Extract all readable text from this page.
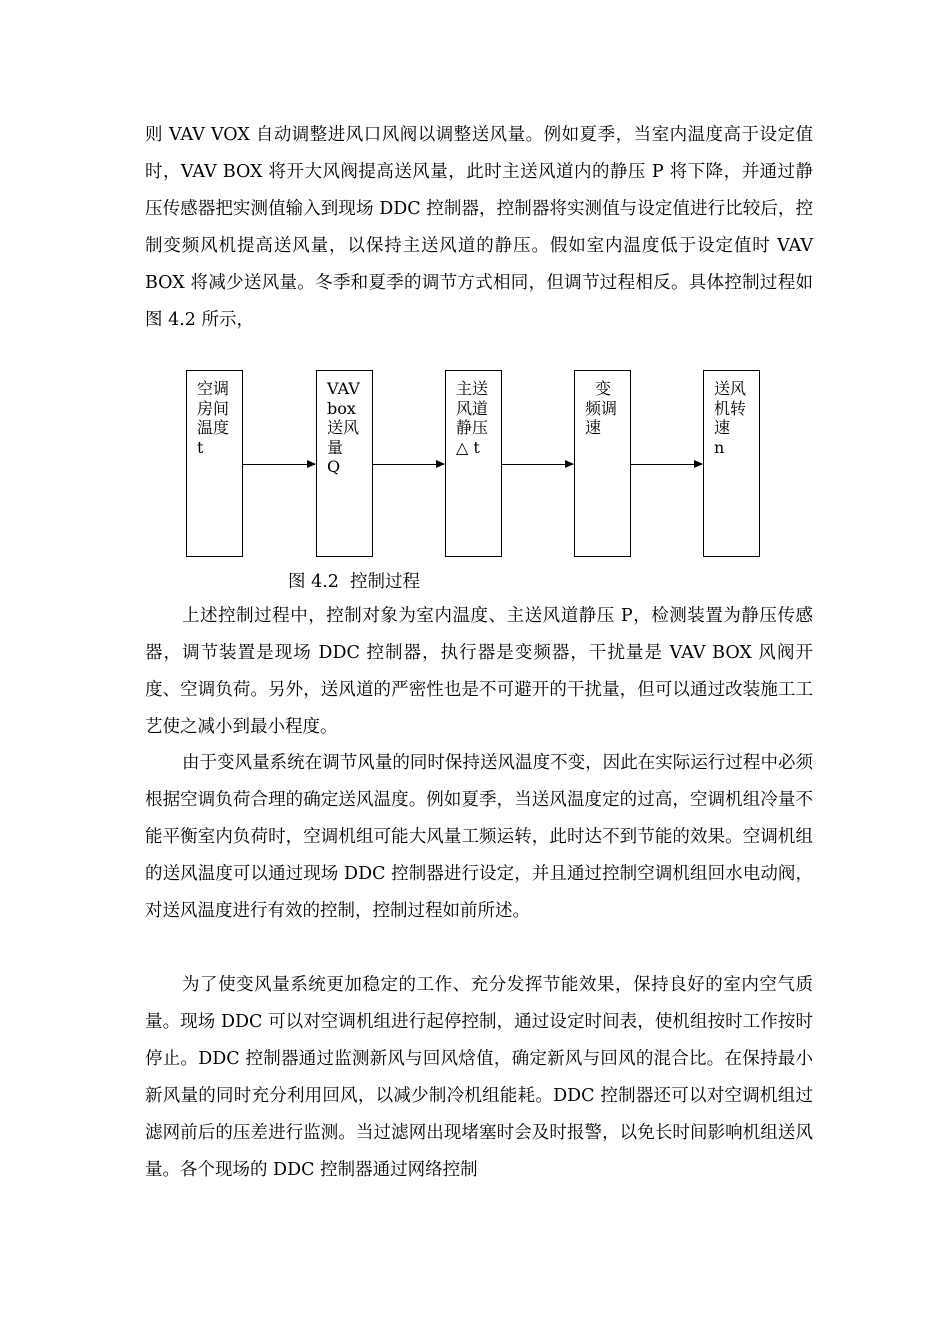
则 VAV VOX 自动调整进风口风阀以调整送风量。例如夏季，当室内温度高于设定值时，VAV BOX 将开大风阀提高送风量，此时主送风道内的静压 P 将下降，并通过静压传感器把实测值输入到现场 DDC 控制器，控制器将实测值与设定值进行比较后，控制变频风机提高送风量，以保持主送风道的静压。假如室内温度低于设定值时 VAV BOX 将减少送风量。冬季和夏季的调节方式相同，但调节过程相反。具体控制过程如图 4.2 所示，

空调
房间
温度
t
VAV
box
送风
量
Q
主送
风道
静压
△ t
变
频调
速
送风
机转
速
n
图 4.2  控制过程

上述控制过程中，控制对象为室内温度、主送风道静压 P，检测装置为静压传感器，调节装置是现场 DDC 控制器，执行器是变频器，干扰量是 VAV BOX 风阀开度、空调负荷。另外，送风道的严密性也是不可避开的干扰量，但可以通过改装施工工艺使之减小到最小程度。

由于变风量系统在调节风量的同时保持送风温度不变，因此在实际运行过程中必须根据空调负荷合理的确定送风温度。例如夏季，当送风温度定的过高，空调机组冷量不能平衡室内负荷时，空调机组可能大风量工频运转，此时达不到节能的效果。空调机组的送风温度可以通过现场 DDC 控制器进行设定，并且通过控制空调机组回水电动阀，对送风温度进行有效的控制，控制过程如前所述。

为了使变风量系统更加稳定的工作、充分发挥节能效果，保持良好的室内空气质量。现场 DDC 可以对空调机组进行起停控制，通过设定时间表，使机组按时工作按时停止。DDC 控制器通过监测新风与回风焓值，确定新风与回风的混合比。在保持最小新风量的同时充分利用回风，以减少制冷机组能耗。DDC 控制器还可以对空调机组过滤网前后的压差进行监测。当过滤网出现堵塞时会及时报警，以免长时间影响机组送风量。各个现场的 DDC 控制器通过网络控制
